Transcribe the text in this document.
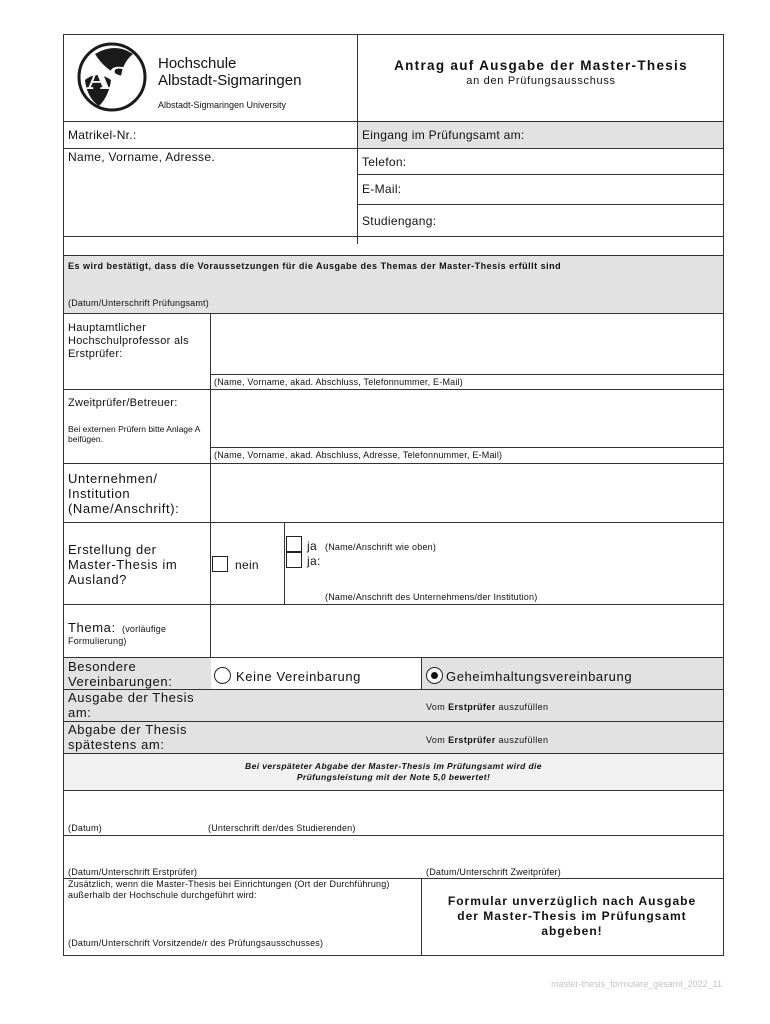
AS Hochschule
Albstadt-Sigmaringen
Albstadt-Sigmaringen University
Antrag auf Ausgabe der Master-Thesis
an den Prüfungsausschuss
Matrikel-Nr.:	Eingang im Prüfungsamt am:
Name, Vorname, Adresse.	Telefon:
E-Mail:
Studiengang:
Es wird bestätigt, dass die Voraussetzungen für die Ausgabe des Themas der Master-Thesis erfüllt sind
(Datum/Unterschrift Prüfungsamt)
Hauptamtlicher Hochschulprofessor als Erstprüfer:
(Name, Vorname, akad. Abschluss, Telefonnummer, E-Mail)
Zweitprüfer/Betreuer:
Bei externen Prüfern bitte Anlage A beifügen.
(Name, Vorname, akad. Abschluss, Adresse, Telefonnummer, E-Mail)
Unternehmen/ Institution (Name/Anschrift):
Erstellung der Master-Thesis im Ausland?
nein
ja (Name/Anschrift wie oben)
ja:
(Name/Anschrift des Unternehmens/der Institution)
Thema: (vorläufige Formulierung)
Besondere Vereinbarungen:	Keine Vereinbarung	Geheimhaltungsvereinbarung
Ausgabe der Thesis am:	Vom Erstprüfer auszufüllen
Abgabe der Thesis spätestens am:	Vom Erstprüfer auszufüllen
Bei verspäteter Abgabe der Master-Thesis im Prüfungsamt wird die
Prüfungsleistung mit der Note 5,0 bewertet!
(Datum)	(Unterschrift der/des Studierenden)
(Datum/Unterschrift Erstprüfer)	(Datum/Unterschrift Zweitprüfer)
Zusätzlich, wenn die Master-Thesis bei Einrichtungen (Ort der Durchführung) außerhalb der Hochschule durchgeführt wird:
(Datum/Unterschrift Vorsitzende/r des Prüfungsausschusses)
Formular unverzüglich nach Ausgabe der Master-Thesis im Prüfungsamt abgeben!
master-thesis_formulare_gesamt_2022_11
